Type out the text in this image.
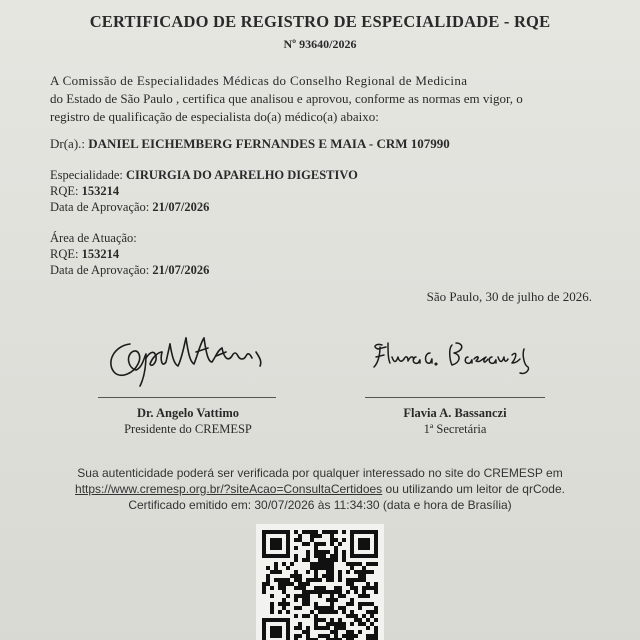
CERTIFICADO DE REGISTRO DE ESPECIALIDADE - RQE
Nº 93640/2026
A Comissão de Especialidades Médicas do Conselho Regional de Medicina
do Estado de São Paulo , certifica que analisou e aprovou, conforme as normas em vigor, o
registro de qualificação de especialista do(a) médico(a) abaixo:
Dr(a).: DANIEL EICHEMBERG FERNANDES E MAIA - CRM 107990
Especialidade: CIRURGIA DO APARELHO DIGESTIVO
RQE: 153214
Data de Aprovação: 21/07/2026
Área de Atuação:
RQE: 153214
Data de Aprovação: 21/07/2026
São Paulo, 30 de julho de 2026.
Dr. Angelo Vattimo
Presidente do CREMESP
Flavia A. Bassanczi
1ª Secretária
Sua autenticidade poderá ser verificada por qualquer interessado no site do CREMESP em
https://www.cremesp.org.br/?siteAcao=ConsultaCertidoes ou utilizando um leitor de qrCode.
Certificado emitido em: 30/07/2026 às 11:34:30 (data e hora de Brasília)
